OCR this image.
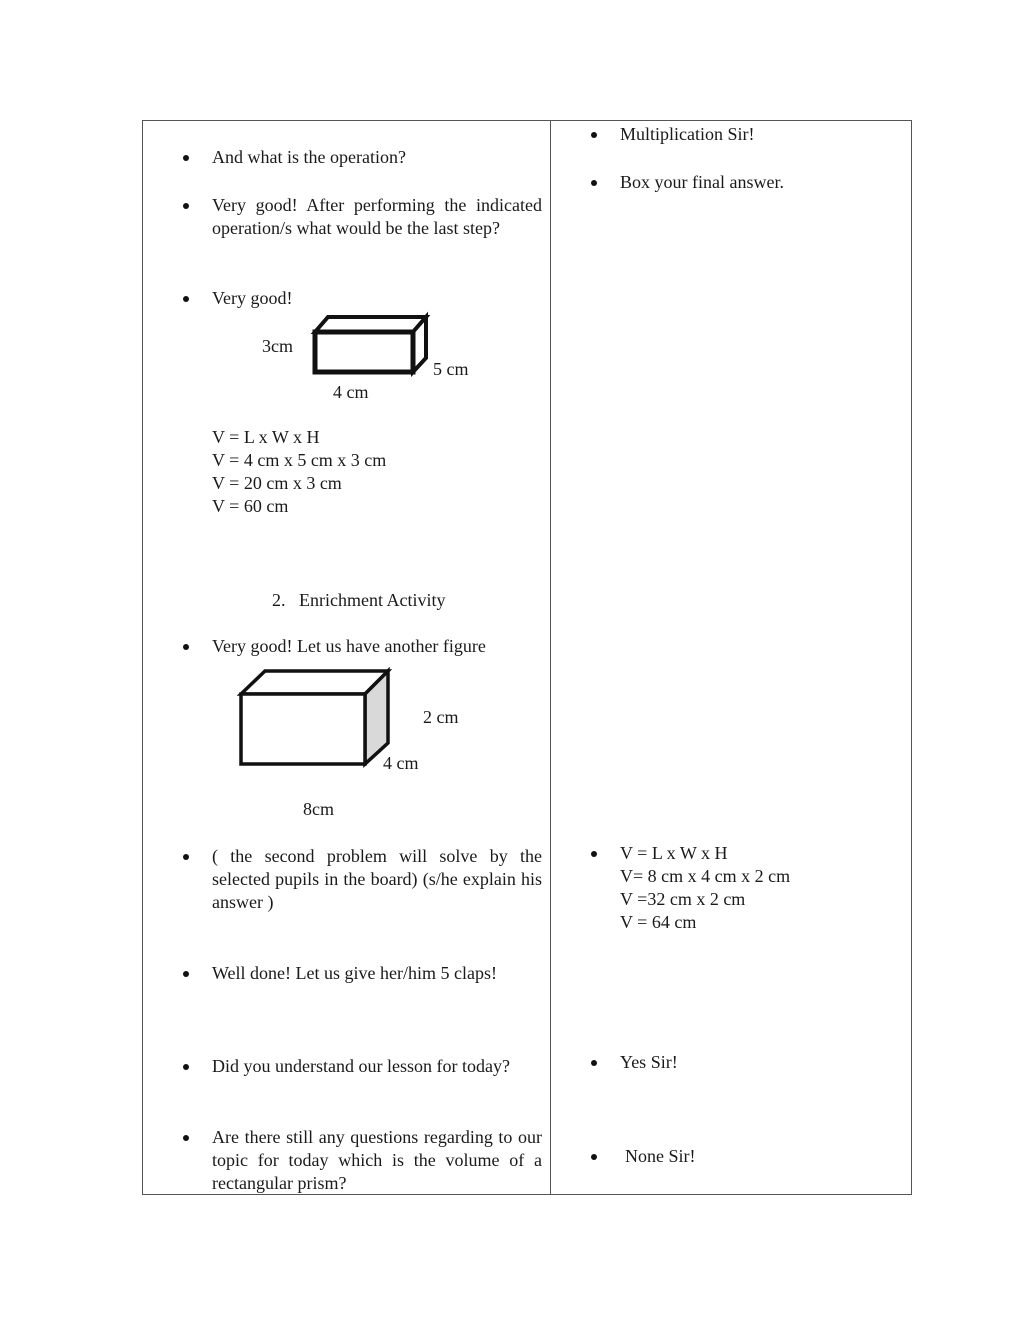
And what is the operation?
Very good! After performing the indicated operation/s what would be the last step?
Very good!
3cm
5 cm
4 cm
V = L x W x H
V = 4 cm x 5 cm x 3 cm
V = 20 cm x 3 cm
V = 60 cm
2.   Enrichment Activity
Very good! Let us have another figure
2 cm
4 cm
8cm
( the second problem will solve by the selected pupils in the board) (s/he explain his answer )
Well done! Let us give her/him 5 claps!
Did you understand our lesson for today?
Are there still any questions regarding to our topic for today which is the volume of a rectangular prism?
Multiplication Sir!
Box your final answer.
V = L x W x H
V= 8 cm x 4 cm x 2 cm
V =32 cm x 2 cm
V = 64 cm
Yes Sir!
None Sir!
